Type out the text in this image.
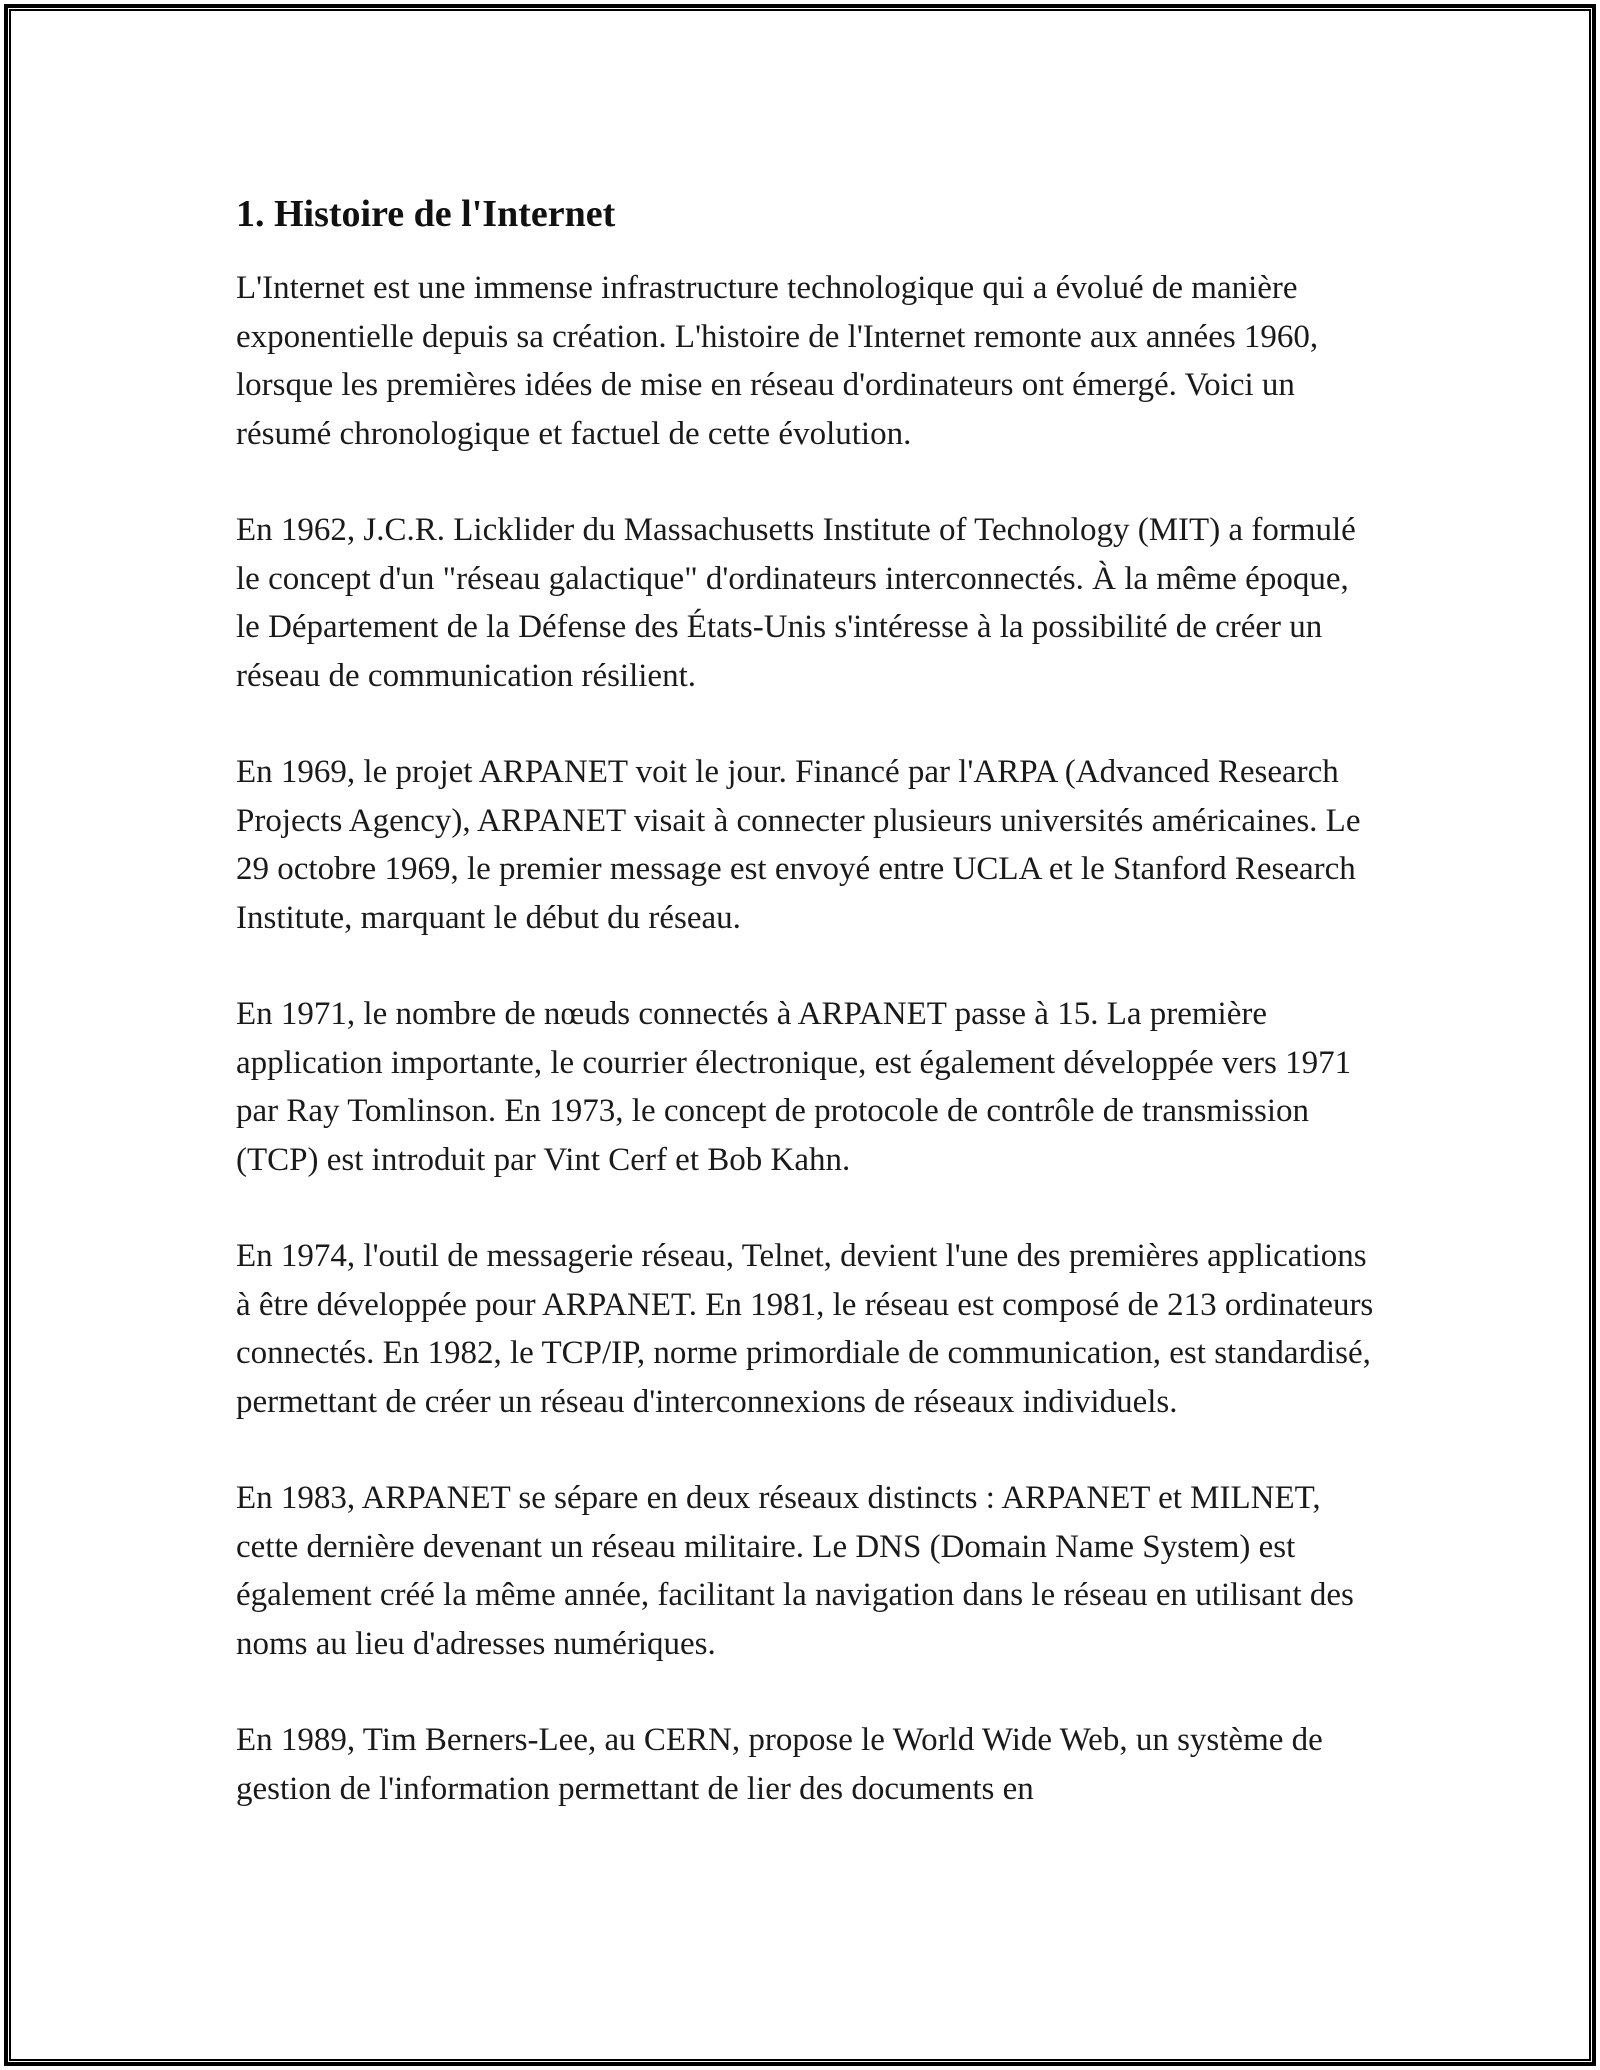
1. Histoire de l'Internet

L'Internet est une immense infrastructure technologique qui a évolué de manière exponentielle depuis sa création. L'histoire de l'Internet remonte aux années 1960, lorsque les premières idées de mise en réseau d'ordinateurs ont émergé. Voici un résumé chronologique et factuel de cette évolution.

En 1962, J.C.R. Licklider du Massachusetts Institute of Technology (MIT) a formulé le concept d'un "réseau galactique" d'ordinateurs interconnectés. À la même époque, le Département de la Défense des États-Unis s'intéresse à la possibilité de créer un réseau de communication résilient.

En 1969, le projet ARPANET voit le jour. Financé par l'ARPA (Advanced Research Projects Agency), ARPANET visait à connecter plusieurs universités américaines. Le 29 octobre 1969, le premier message est envoyé entre UCLA et le Stanford Research Institute, marquant le début du réseau.

En 1971, le nombre de nœuds connectés à ARPANET passe à 15. La première application importante, le courrier électronique, est également développée vers 1971 par Ray Tomlinson. En 1973, le concept de protocole de contrôle de transmission (TCP) est introduit par Vint Cerf et Bob Kahn.

En 1974, l'outil de messagerie réseau, Telnet, devient l'une des premières applications à être développée pour ARPANET. En 1981, le réseau est composé de 213 ordinateurs connectés. En 1982, le TCP/IP, norme primordiale de communication, est standardisé, permettant de créer un réseau d'interconnexions de réseaux individuels.

En 1983, ARPANET se sépare en deux réseaux distincts : ARPANET et MILNET, cette dernière devenant un réseau militaire. Le DNS (Domain Name System) est également créé la même année, facilitant la navigation dans le réseau en utilisant des noms au lieu d'adresses numériques.

En 1989, Tim Berners-Lee, au CERN, propose le World Wide Web, un système de gestion de l'information permettant de lier des documents en
